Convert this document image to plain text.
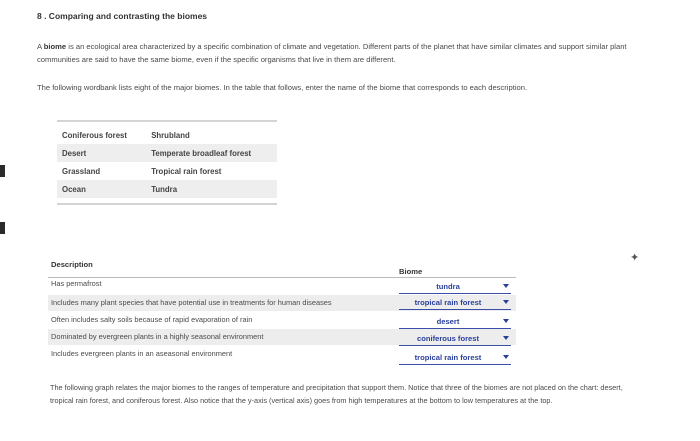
8 . Comparing and contrasting the biomes
A biome is an ecological area characterized by a specific combination of climate and vegetation. Different parts of the planet that have similar climates and support similar plant communities are said to have the same biome, even if the specific organisms that live in them are different.
The following wordbank lists eight of the major biomes. In the table that follows, enter the name of the biome that corresponds to each description.
Coniferous forest	Shrubland
Desert	Temperate broadleaf forest
Grassland	Tropical rain forest
Ocean	Tundra
✦
Description
Biome
Has permafrost	tundra
Includes many plant species that have potential use in treatments for human diseases	tropical rain forest
Often includes salty soils because of rapid evaporation of rain	desert
Dominated by evergreen plants in a highly seasonal environment	coniferous forest
Includes evergreen plants in an aseasonal environment	tropical rain forest
The following graph relates the major biomes to the ranges of temperature and precipitation that support them. Notice that three of the biomes are not placed on the chart: desert, tropical rain forest, and coniferous forest. Also notice that the y-axis (vertical axis) goes from high temperatures at the bottom to low temperatures at the top.
